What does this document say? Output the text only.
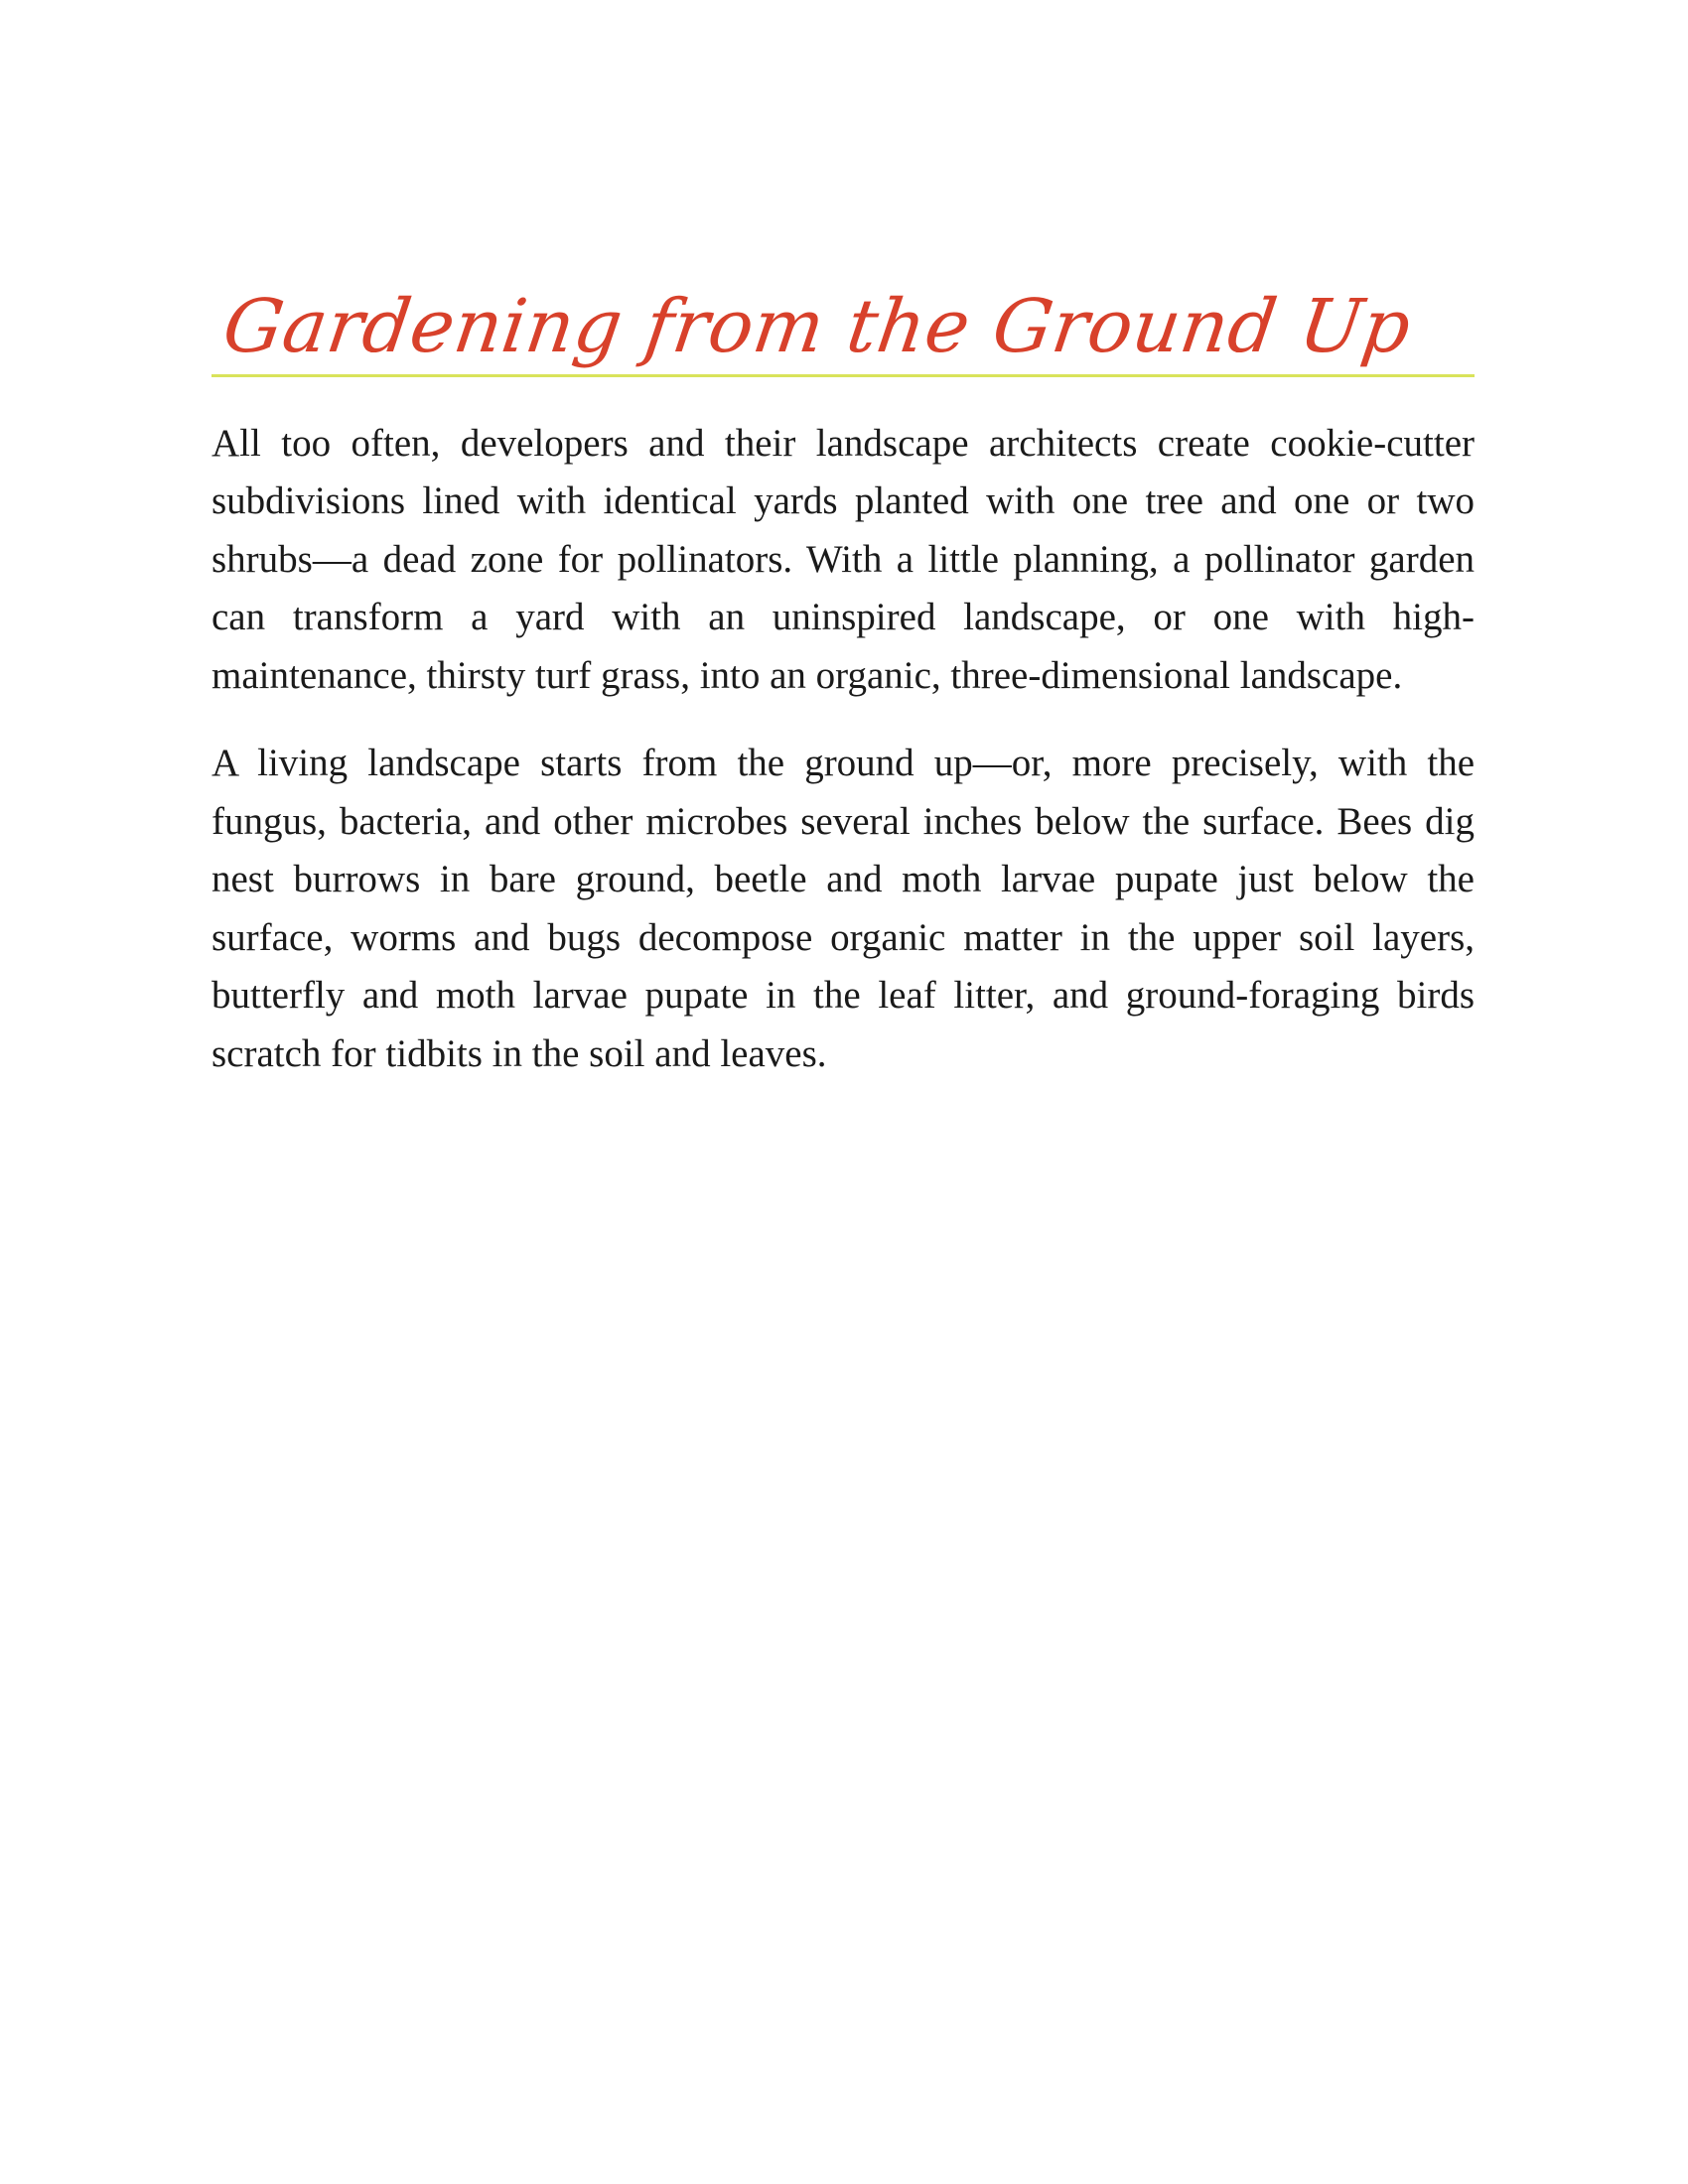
Gardening from the Ground Up

All too often, developers and their landscape architects create cookie-cutter subdivisions lined with identical yards planted with one tree and one or two shrubs—a dead zone for pollinators. With a little planning, a pollinator garden can transform a yard with an uninspired landscape, or one with high-maintenance, thirsty turf grass, into an organic, three-dimensional landscape.

A living landscape starts from the ground up—or, more precisely, with the fungus, bacteria, and other microbes several inches below the surface. Bees dig nest burrows in bare ground, beetle and moth larvae pupate just below the surface, worms and bugs decompose organic matter in the upper soil layers, butterfly and moth larvae pupate in the leaf litter, and ground-foraging birds scratch for tidbits in the soil and leaves.
